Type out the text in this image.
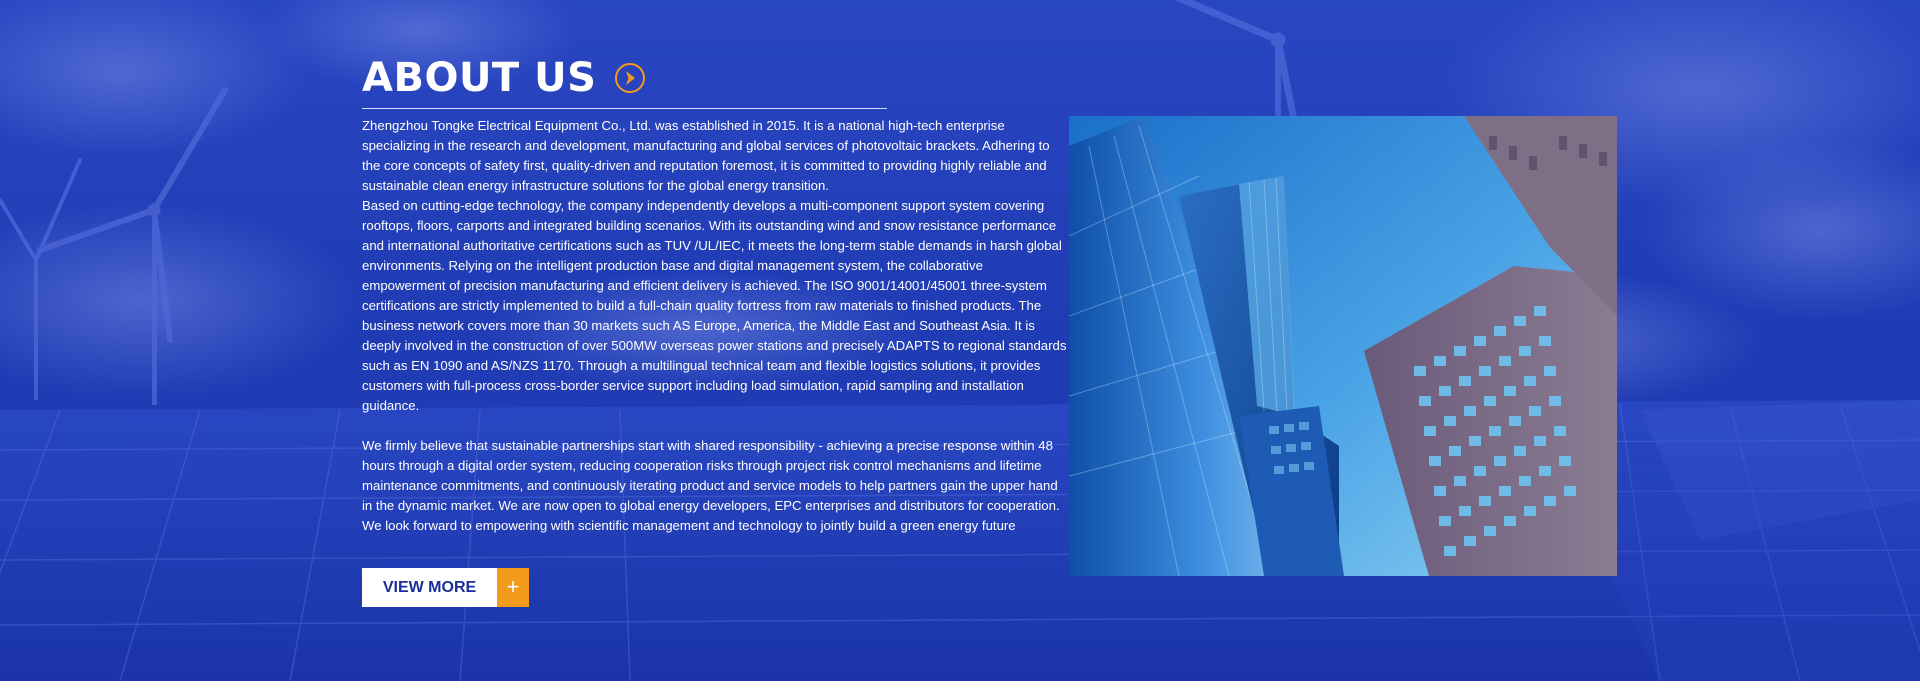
ABOUT US

Zhengzhou Tongke Electrical Equipment Co., Ltd. was established in 2015. It is a national high-tech enterprise specializing in the research and development, manufacturing and global services of photovoltaic brackets. Adhering to the core concepts of safety first, quality-driven and reputation foremost, it is committed to providing highly reliable and sustainable clean energy infrastructure solutions for the global energy transition.

Based on cutting-edge technology, the company independently develops a multi-component support system covering rooftops, floors, carports and integrated building scenarios. With its outstanding wind and snow resistance performance and international authoritative certifications such as TUV /UL/IEC, it meets the long-term stable demands in harsh global environments. Relying on the intelligent production base and digital management system, the collaborative empowerment of precision manufacturing and efficient delivery is achieved. The ISO 9001/14001/45001 three-system certifications are strictly implemented to build a full-chain quality fortress from raw materials to finished products. The business network covers more than 30 markets such AS Europe, America, the Middle East and Southeast Asia. It is deeply involved in the construction of over 500MW overseas power stations and precisely ADAPTS to regional standards such as EN 1090 and AS/NZS 1170. Through a multilingual technical team and flexible logistics solutions, it provides customers with full-process cross-border service support including load simulation, rapid sampling and installation guidance.

We firmly believe that sustainable partnerships start with shared responsibility - achieving a precise response within 48 hours through a digital order system, reducing cooperation risks through project risk control mechanisms and lifetime maintenance commitments, and continuously iterating product and service models to help partners gain the upper hand in the dynamic market. We are now open to global energy developers, EPC enterprises and distributors for cooperation. We look forward to empowering with scientific management and technology to jointly build a green energy future

VIEW MORE	+
